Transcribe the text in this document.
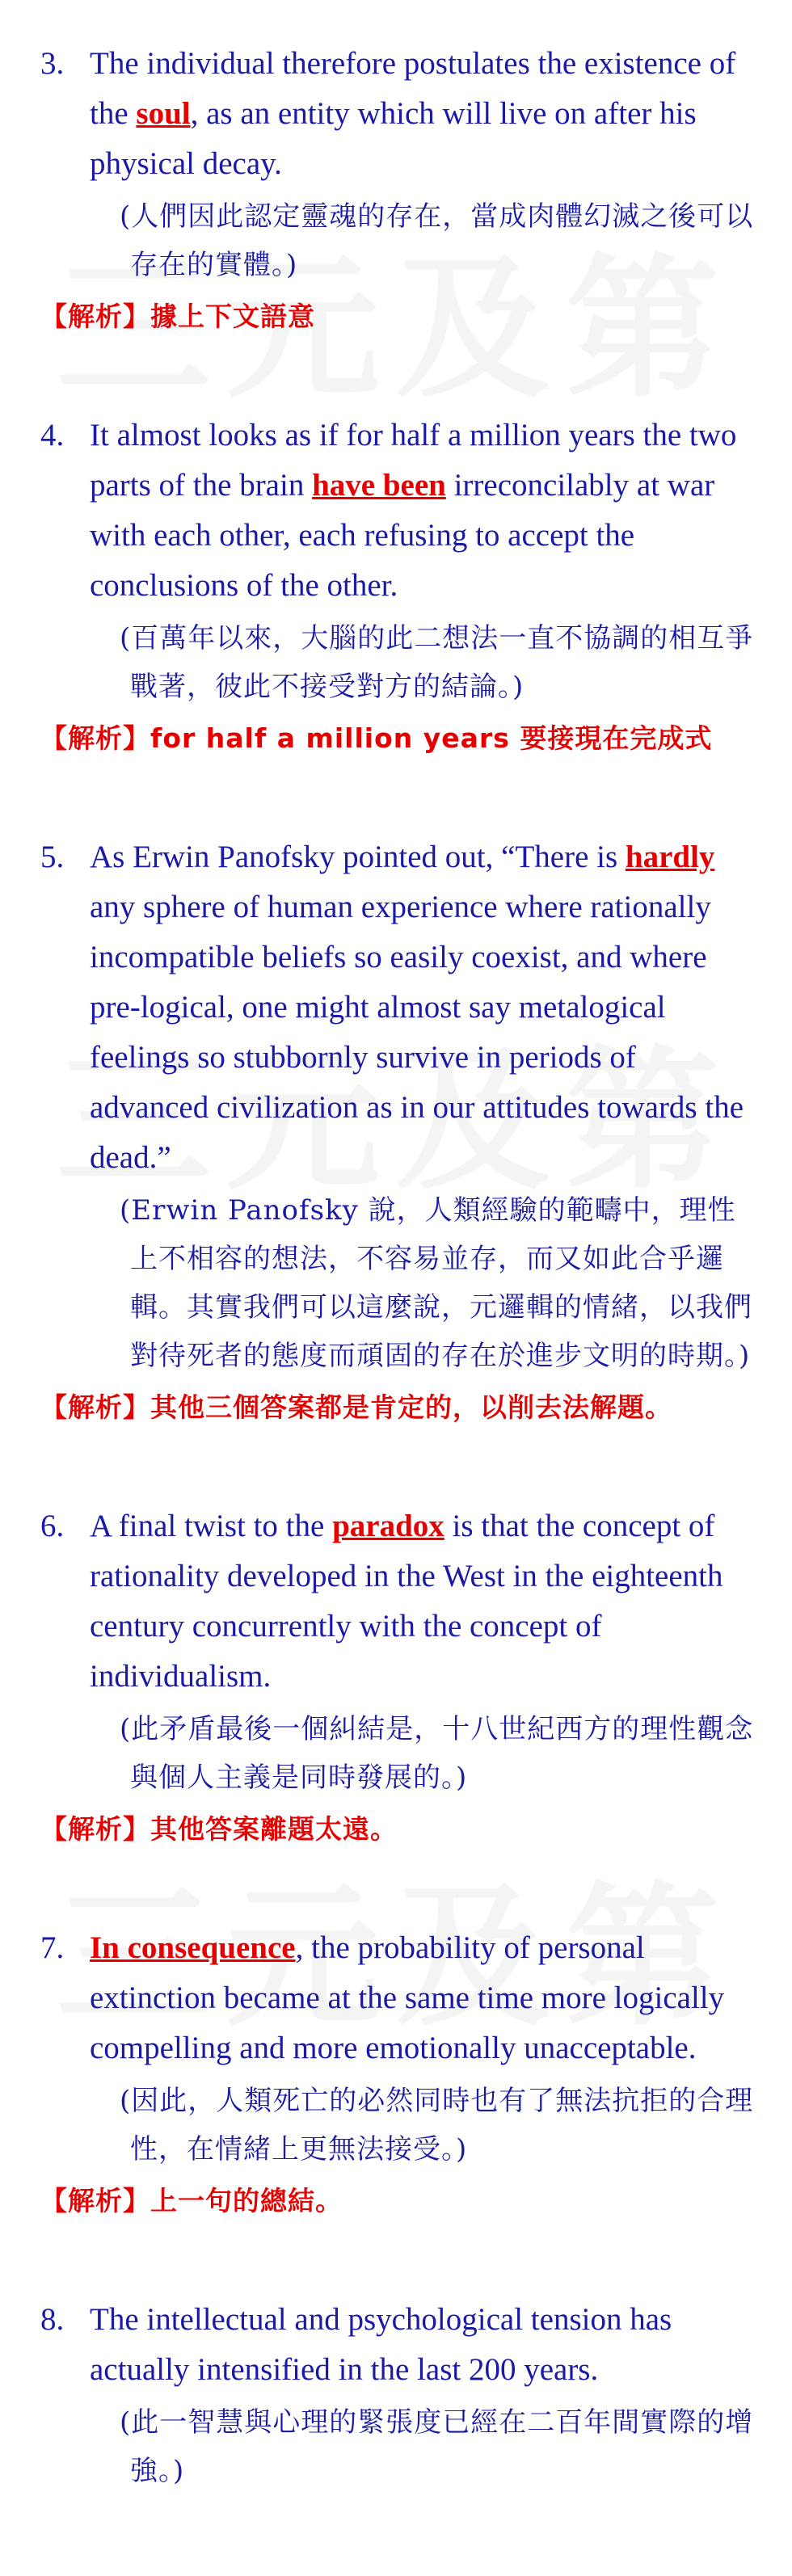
3. The individual therefore postulates the existence of the soul, as an entity which will live on after his physical decay.
(人們因此認定靈魂的存在，當成肉體幻滅之後可以存在的實體。)
【解析】據上下文語意
4. It almost looks as if for half a million years the two parts of the brain have been irreconcilably at war with each other, each refusing to accept the conclusions of the other.
(百萬年以來，大腦的此二想法一直不協調的相互爭戰著，彼此不接受對方的結論。)
【解析】for half a million years 要接現在完成式
5. As Erwin Panofsky pointed out, “There is hardly any sphere of human experience where rationally incompatible beliefs so easily coexist, and where pre-logical, one might almost say metalogical feelings so stubbornly survive in periods of advanced civilization as in our attitudes towards the dead.”
(Erwin Panofsky 說，人類經驗的範疇中，理性上不相容的想法，不容易並存，而又如此合乎邏輯。其實我們可以這麼說，元邏輯的情緒，以我們對待死者的態度而頑固的存在於進步文明的時期。)
【解析】其他三個答案都是肯定的，以削去法解題。
6. A final twist to the paradox is that the concept of rationality developed in the West in the eighteenth century concurrently with the concept of individualism.
(此矛盾最後一個糾結是，十八世紀西方的理性觀念與個人主義是同時發展的。)
【解析】其他答案離題太遠。
7. In consequence, the probability of personal extinction became at the same time more logically compelling and more emotionally unacceptable.
(因此，人類死亡的必然同時也有了無法抗拒的合理性，在情緒上更無法接受。)
【解析】上一句的總結。
8. The intellectual and psychological tension has actually intensified in the last 200 years.
(此一智慧與心理的緊張度已經在二百年間實際的增強。)
